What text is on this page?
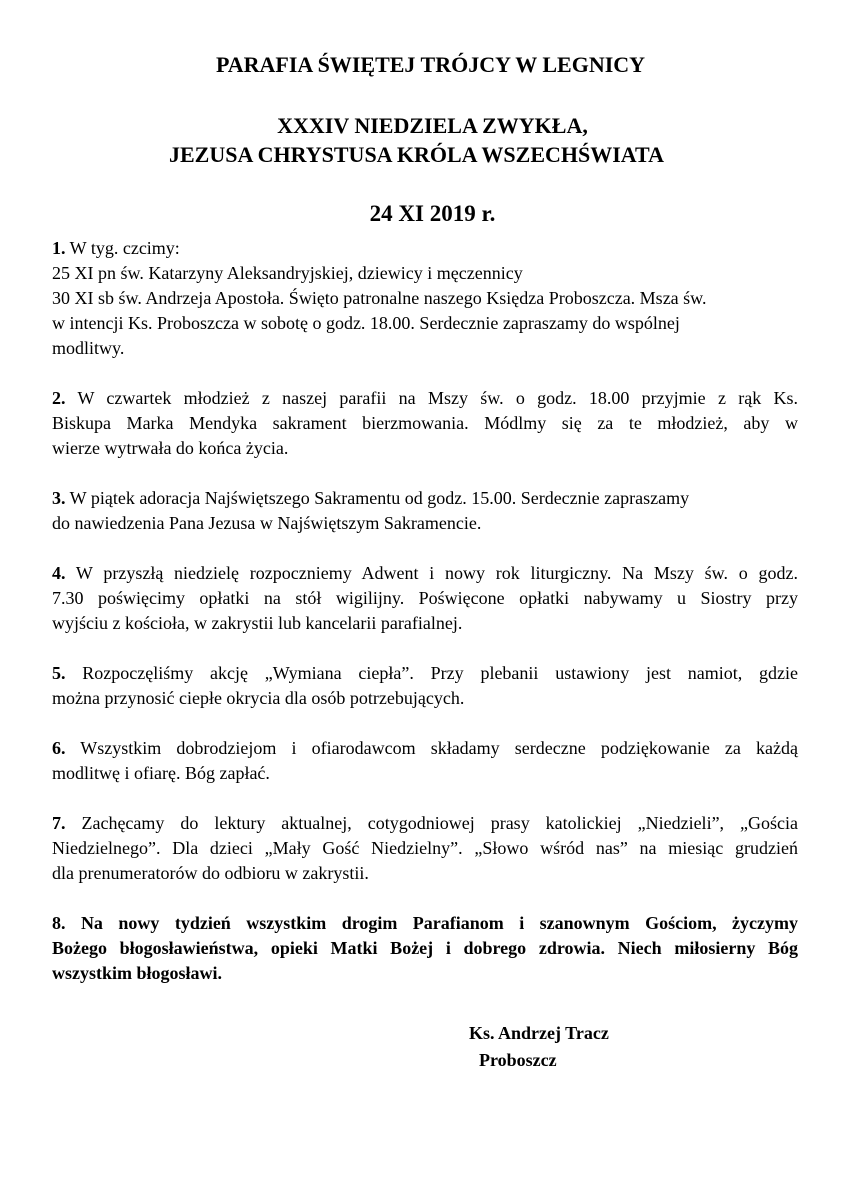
PARAFIA ŚWIĘTEJ TRÓJCY W LEGNICY
XXXIV NIEDZIELA ZWYKŁA,
JEZUSA CHRYSTUSA KRÓLA WSZECHŚWIATA
24 XI 2019 r.

1. W tyg. czcimy:
25 XI pn św. Katarzyny Aleksandryjskiej, dziewicy i męczennicy
30 XI sb św. Andrzeja Apostoła. Święto patronalne naszego Księdza Proboszcza. Msza św.
w intencji Ks. Proboszcza w sobotę o godz. 18.00. Serdecznie zapraszamy do wspólnej
modlitwy.

2. W czwartek młodzież z naszej parafii na Mszy św. o godz. 18.00 przyjmie z rąk Ks.
Biskupa Marka Mendyka sakrament bierzmowania. Módlmy się za te młodzież, aby w
wierze wytrwała do końca życia.

3. W piątek adoracja Najświętszego Sakramentu od godz. 15.00. Serdecznie zapraszamy
do nawiedzenia Pana Jezusa w Najświętszym Sakramencie.

4. W przyszłą niedzielę rozpoczniemy Adwent i nowy rok liturgiczny. Na Mszy św. o godz.
7.30 poświęcimy opłatki na stół wigilijny. Poświęcone opłatki nabywamy u Siostry przy
wyjściu z kościoła, w zakrystii lub kancelarii parafialnej.

5. Rozpoczęliśmy akcję „Wymiana ciepła”. Przy plebanii ustawiony jest namiot, gdzie
można przynosić ciepłe okrycia dla osób potrzebujących.

6. Wszystkim dobrodziejom i ofiarodawcom składamy serdeczne podziękowanie za każdą
modlitwę i ofiarę. Bóg zapłać.

7. Zachęcamy do lektury aktualnej, cotygodniowej prasy katolickiej „Niedzieli”, „Gościa
Niedzielnego”. Dla dzieci „Mały Gość Niedzielny”. „Słowo wśród nas” na miesiąc grudzień
dla prenumeratorów do odbioru w zakrystii.

8. Na nowy tydzień wszystkim drogim Parafianom i szanownym Gościom, życzymy
Bożego błogosławieństwa, opieki Matki Bożej i dobrego zdrowia. Niech miłosierny Bóg
wszystkim błogosławi.

Ks. Andrzej Tracz
Proboszcz
